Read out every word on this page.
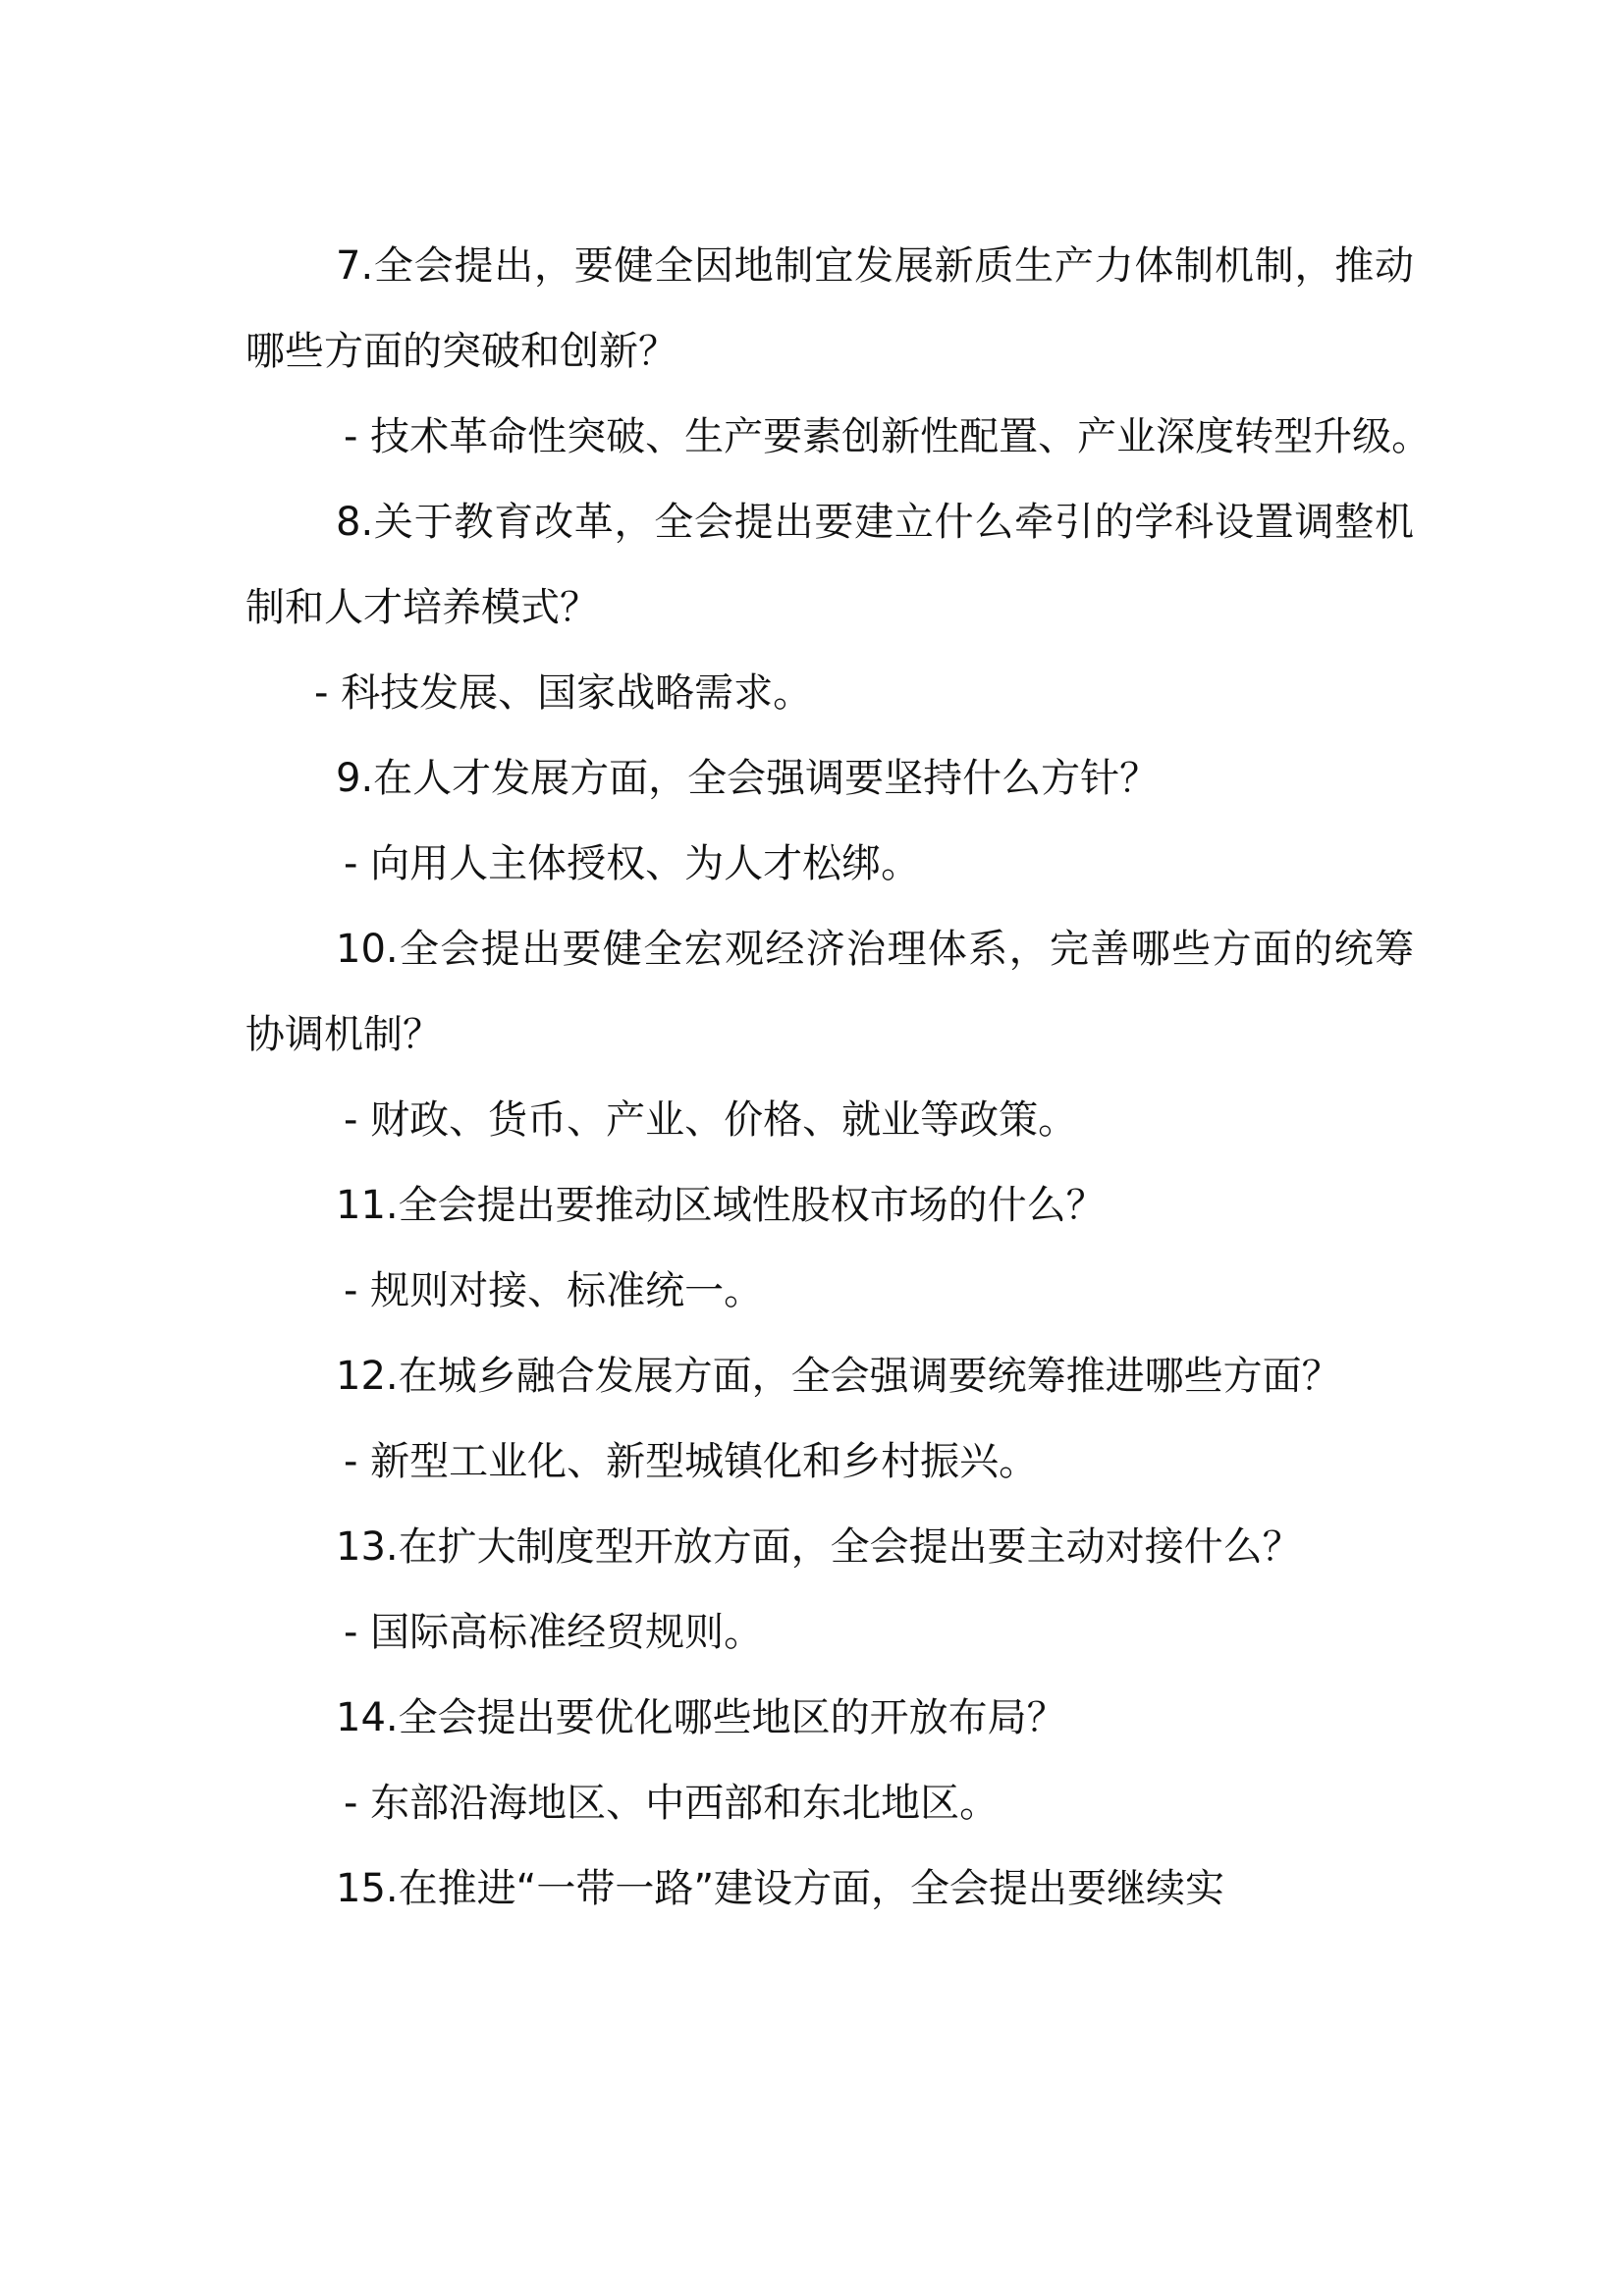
7.全会提出，要健全因地制宜发展新质生产力体制机制，推动哪些方面的突破和创新？

- 技术革命性突破、生产要素创新性配置、产业深度转型升级。

8.关于教育改革，全会提出要建立什么牵引的学科设置调整机制和人才培养模式？

- 科技发展、国家战略需求。

9.在人才发展方面，全会强调要坚持什么方针？

- 向用人主体授权、为人才松绑。

10.全会提出要健全宏观经济治理体系，完善哪些方面的统筹协调机制？

- 财政、货币、产业、价格、就业等政策。

11.全会提出要推动区域性股权市场的什么？

- 规则对接、标准统一。

12.在城乡融合发展方面，全会强调要统筹推进哪些方面？

- 新型工业化、新型城镇化和乡村振兴。

13.在扩大制度型开放方面，全会提出要主动对接什么？

- 国际高标准经贸规则。

14.全会提出要优化哪些地区的开放布局？

- 东部沿海地区、中西部和东北地区。

15.在推进“一带一路”建设方面，全会提出要继续实
